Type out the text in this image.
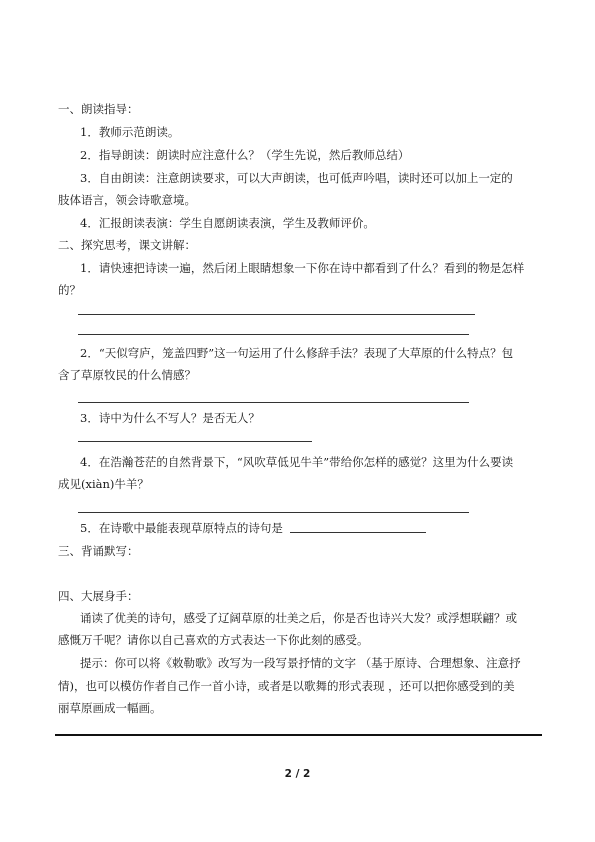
一、朗读指导：
1．教师示范朗读。
2．指导朗读：朗读时应注意什么？（学生先说，然后教师总结）
3．自由朗读：注意朗读要求，可以大声朗读，也可低声吟唱，读时还可以加上一定的
肢体语言，领会诗歌意境。
4．汇报朗读表演：学生自愿朗读表演，学生及教师评价。
二、探究思考，课文讲解：
1．请快速把诗读一遍，然后闭上眼睛想象一下你在诗中都看到了什么？看到的物是怎样
的？
2．“天似穹庐，笼盖四野”这一句运用了什么修辞手法？表现了大草原的什么特点？包
含了草原牧民的什么情感？
3．诗中为什么不写人？是否无人？
4．在浩瀚苍茫的自然背景下，“风吹草低见牛羊”带给你怎样的感觉？这里为什么要读
成见(xiàn)牛羊？
5．在诗歌中最能表现草原特点的诗句是
三、背诵默写：
四、大展身手：
诵读了优美的诗句，感受了辽阔草原的壮美之后，你是否也诗兴大发？或浮想联翩？或
感慨万千呢？请你以自己喜欢的方式表达一下你此刻的感受。
提示：你可以将《敕勒歌》改写为一段写景抒情的文字 （基于原诗、合理想象、注意抒
情)，也可以模仿作者自己作一首小诗，或者是以歌舞的形式表现 ，还可以把你感受到的美
丽草原画成一幅画。
2 / 2
